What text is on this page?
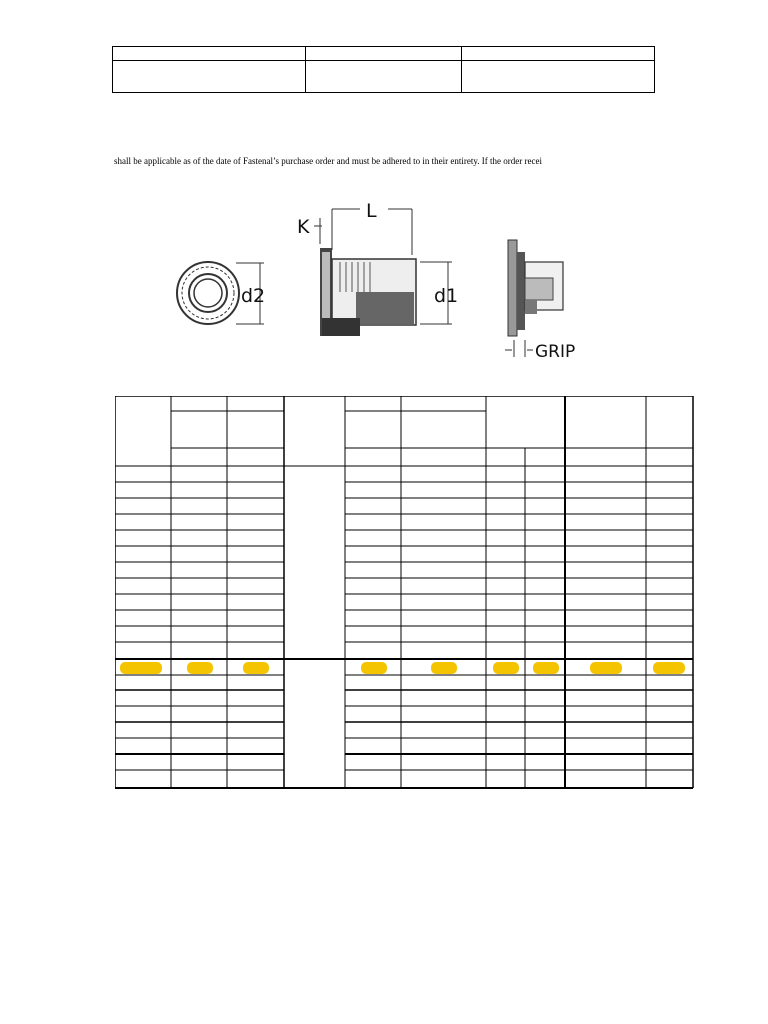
shall be applicable as of the date of Fastenal’s purchase order and must be adhered to in their entirety. If the order recei
d2
L
K
d1
GRIP
